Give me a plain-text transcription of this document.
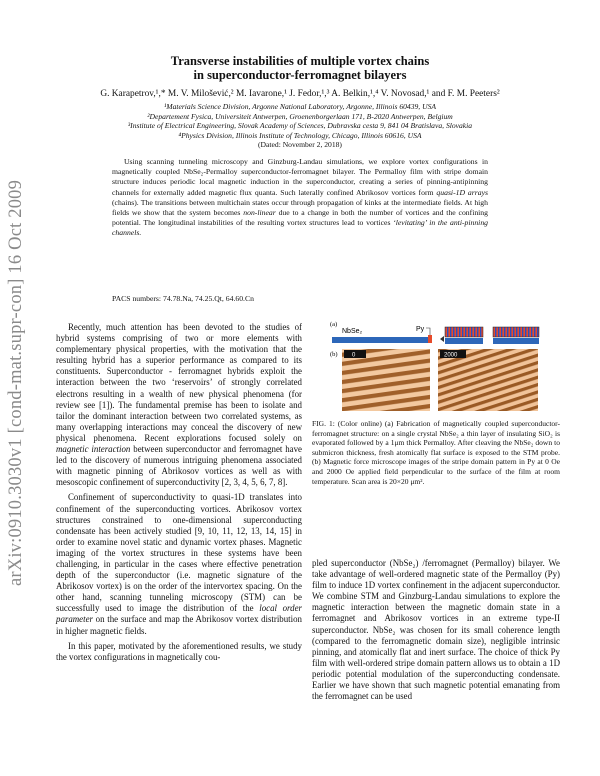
arXiv:0910.3030v1 [cond-mat.supr-con] 16 Oct 2009
Transverse instabilities of multiple vortex chains
in superconductor-ferromagnet bilayers
G. Karapetrov,¹,* M. V. Milošević,² M. Iavarone,¹ J. Fedor,¹,³ A. Belkin,¹,⁴ V. Novosad,¹ and F. M. Peeters²
¹Materials Science Division, Argonne National Laboratory, Argonne, Illinois 60439, USA
²Departement Fysica, Universiteit Antwerpen, Groenenborgerlaan 171, B-2020 Antwerpen, Belgium
³Institute of Electrical Engineering, Slovak Academy of Sciences, Dubravska cesta 9, 841 04 Bratislava, Slovakia
⁴Physics Division, Illinois Institute of Technology, Chicago, Illinois 60616, USA
(Dated: November 2, 2018)
Using scanning tunneling microscopy and Ginzburg-Landau simulations, we explore vortex configurations in magnetically coupled NbSe₂-Permalloy superconductor-ferromagnet bilayer. The Permalloy film with stripe domain structure induces periodic local magnetic induction in the superconductor, creating a series of pinning-antipinning channels for externally added magnetic flux quanta. Such laterally confined Abrikosov vortices form quasi-1D arrays (chains). The transitions between multichain states occur through propagation of kinks at the intermediate fields. At high fields we show that the system becomes non-linear due to a change in both the number of vortices and the confining potential. The longitudinal instabilities of the resulting vortex structures lead to vortices ‘levitating’ in the anti-pinning channels.
PACS numbers: 74.78.Na, 74.25.Qt, 64.60.Cn

Recently, much attention has been devoted to the studies of hybrid systems comprising of two or more elements with complementary physical properties, with the motivation that the resulting hybrid has a superior performance as compared to its constituents. Superconductor - ferromagnet hybrids exploit the interaction between the two ‘reservoirs’ of strongly correlated electrons resulting in a wealth of new physical phenomena (for review see [1]). The fundamental premise has been to isolate and tailor the dominant interaction between two correlated systems, as many overlapping interactions may conceal the discovery of new physical phenomena. Recent explorations focused solely on magnetic interaction between superconductor and ferromagnet have led to the discovery of numerous intriguing phenomena associated with magnetic pinning of Abrikosov vortices as well as with mesoscopic confinement of superconductivity [2, 3, 4, 5, 6, 7, 8].

Confinement of superconductivity to quasi-1D translates into confinement of the superconducting vortices. Abrikosov vortex structures constrained to one-dimensional superconducting condensate has been actively studied [9, 10, 11, 12, 13, 14, 15] in order to examine novel static and dynamic vortex phases. Magnetic imaging of the vortex structures in these systems have been challenging, in particular in the cases where effective penetration depth of the superconductor (i.e. magnetic signature of the Abrikosov vortex) is on the order of the intervortex spacing. On the other hand, scanning tunneling microscopy (STM) can be successfully used to image the distribution of the local order parameter on the surface and map the Abrikosov vortex distribution in higher magnetic fields.

In this paper, motivated by the aforementioned results, we study the vortex configurations in magnetically cou-

(a)
NbSe₂	Py
(b) 0	2000
FIG. 1: (Color online) (a) Fabrication of magnetically coupled superconductor-ferromagnet structure: on a single crystal NbSe₂ a thin layer of insulating SiO₂ is evaporated followed by a 1μm thick Permalloy. After cleaving the NbSe₂ down to submicron thickness, fresh atomically flat surface is exposed to the STM probe. (b) Magnetic force microscope images of the stripe domain pattern in Py at 0 Oe and 2000 Oe applied field perpendicular to the surface of the film at room temperature. Scan area is 20×20 μm².

pled superconductor (NbSe₂) /ferromagnet (Permalloy) bilayer. We take advantage of well-ordered magnetic state of the Permalloy (Py) film to induce 1D vortex confinement in the adjacent superconductor. We combine STM and Ginzburg-Landau simulations to explore the magnetic interaction between the magnetic domain state in a ferromagnet and Abrikosov vortices in an extreme type-II superconductor. NbSe₂ was chosen for its small coherence length (compared to the ferromagnetic domain size), negligible intrinsic pinning, and atomically flat and inert surface. The choice of thick Py film with well-ordered stripe domain pattern allows us to obtain a 1D periodic potential modulation of the superconducting condensate. Earlier we have shown that such magnetic potential emanating from the ferromagnet can be used
